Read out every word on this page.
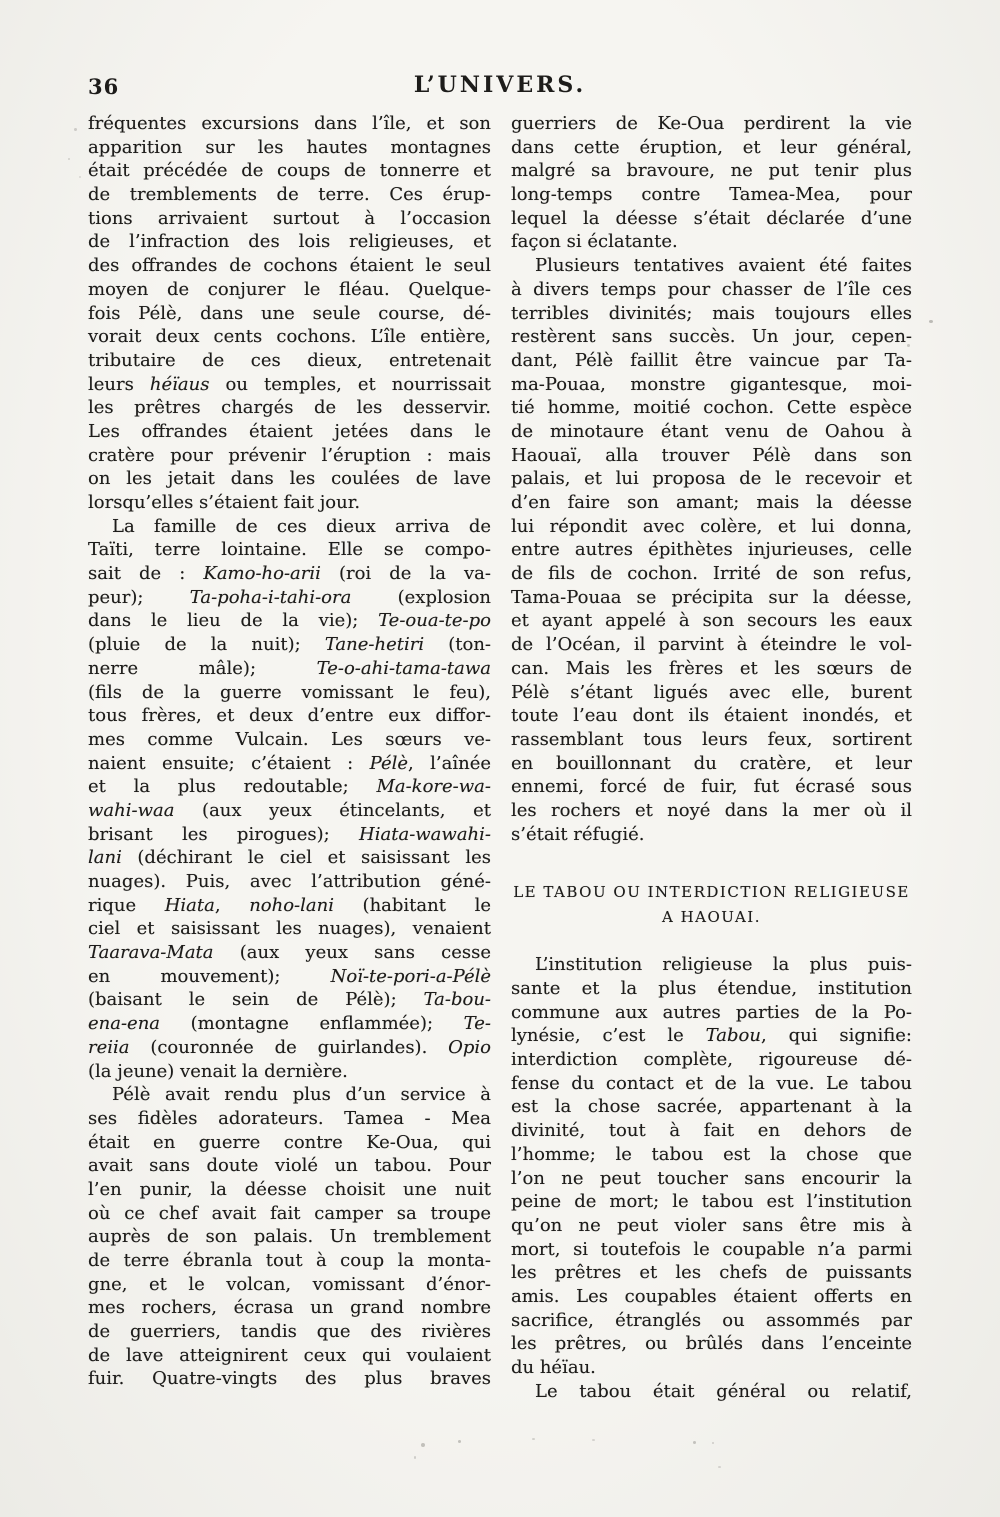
36	L’UNIVERS.
fréquentes excursions dans l’île, et son
apparition sur les hautes montagnes
était précédée de coups de tonnerre et
de tremblements de terre. Ces érup-
tions arrivaient surtout à l’occasion
de l’infraction des lois religieuses, et
des offrandes de cochons étaient le seul
moyen de conjurer le fléau. Quelque-
fois Pélè, dans une seule course, dé-
vorait deux cents cochons. L’île entière,
tributaire de ces dieux, entretenait
leurs héïaus ou temples, et nourrissait
les prêtres chargés de les desservir.
Les offrandes étaient jetées dans le
cratère pour prévenir l’éruption : mais
on les jetait dans les coulées de lave
lorsqu’elles s’étaient fait jour.
La famille de ces dieux arriva de
Taïti, terre lointaine. Elle se compo-
sait de : Kamo-ho-arii (roi de la va-
peur); Ta-poha-i-tahi-ora (explosion
dans le lieu de la vie); Te-oua-te-po
(pluie de la nuit); Tane-hetiri (ton-
nerre mâle); Te-o-ahi-tama-tawa
(fils de la guerre vomissant le feu),
tous frères, et deux d’entre eux diffor-
mes comme Vulcain. Les sœurs ve-
naient ensuite; c’étaient : Pélè, l’aînée
et la plus redoutable; Ma-kore-wa-
wahi-waa (aux yeux étincelants, et
brisant les pirogues); Hiata-wawahi-
lani (déchirant le ciel et saisissant les
nuages). Puis, avec l’attribution géné-
rique Hiata, noho-lani (habitant le
ciel et saisissant les nuages), venaient
Taarava-Mata (aux yeux sans cesse
en mouvement); Noï-te-pori-a-Pélè
(baisant le sein de Pélè); Ta-bou-
ena-ena (montagne enflammée); Te-
reiia (couronnée de guirlandes). Opio
(la jeune) venait la dernière.
Pélè avait rendu plus d’un service à
ses fidèles adorateurs. Tamea - Mea
était en guerre contre Ke-Oua, qui
avait sans doute violé un tabou. Pour
l’en punir, la déesse choisit une nuit
où ce chef avait fait camper sa troupe
auprès de son palais. Un tremblement
de terre ébranla tout à coup la monta-
gne, et le volcan, vomissant d’énor-
mes rochers, écrasa un grand nombre
de guerriers, tandis que des rivières
de lave atteignirent ceux qui voulaient
fuir. Quatre-vingts des plus braves
guerriers de Ke-Oua perdirent la vie
dans cette éruption, et leur général,
malgré sa bravoure, ne put tenir plus
long-temps contre Tamea-Mea, pour
lequel la déesse s’était déclarée d’une
façon si éclatante.
Plusieurs tentatives avaient été faites
à divers temps pour chasser de l’île ces
terribles divinités; mais toujours elles
restèrent sans succès. Un jour, cepen-
dant, Pélè faillit être vaincue par Ta-
ma-Pouaa, monstre gigantesque, moi-
tié homme, moitié cochon. Cette espèce
de minotaure étant venu de Oahou à
Haouaï, alla trouver Pélè dans son
palais, et lui proposa de le recevoir et
d’en faire son amant; mais la déesse
lui répondit avec colère, et lui donna,
entre autres épithètes injurieuses, celle
de fils de cochon. Irrité de son refus,
Tama-Pouaa se précipita sur la déesse,
et ayant appelé à son secours les eaux
de l’Océan, il parvint à éteindre le vol-
can. Mais les frères et les sœurs de
Pélè s’étant ligués avec elle, burent
toute l’eau dont ils étaient inondés, et
rassemblant tous leurs feux, sortirent
en bouillonnant du cratère, et leur
ennemi, forcé de fuir, fut écrasé sous
les rochers et noyé dans la mer où il
s’était réfugié.
LE TABOU OU INTERDICTION RELIGIEUSE
A HAOUAI.
L’institution religieuse la plus puis-
sante et la plus étendue, institution
commune aux autres parties de la Po-
lynésie, c’est le Tabou, qui signifie:
interdiction complète, rigoureuse dé-
fense du contact et de la vue. Le tabou
est la chose sacrée, appartenant à la
divinité, tout à fait en dehors de
l’homme; le tabou est la chose que
l’on ne peut toucher sans encourir la
peine de mort; le tabou est l’institution
qu’on ne peut violer sans être mis à
mort, si toutefois le coupable n’a parmi
les prêtres et les chefs de puissants
amis. Les coupables étaient offerts en
sacrifice, étranglés ou assommés par
les prêtres, ou brûlés dans l’enceinte
du héïau.
Le tabou était général ou relatif,
